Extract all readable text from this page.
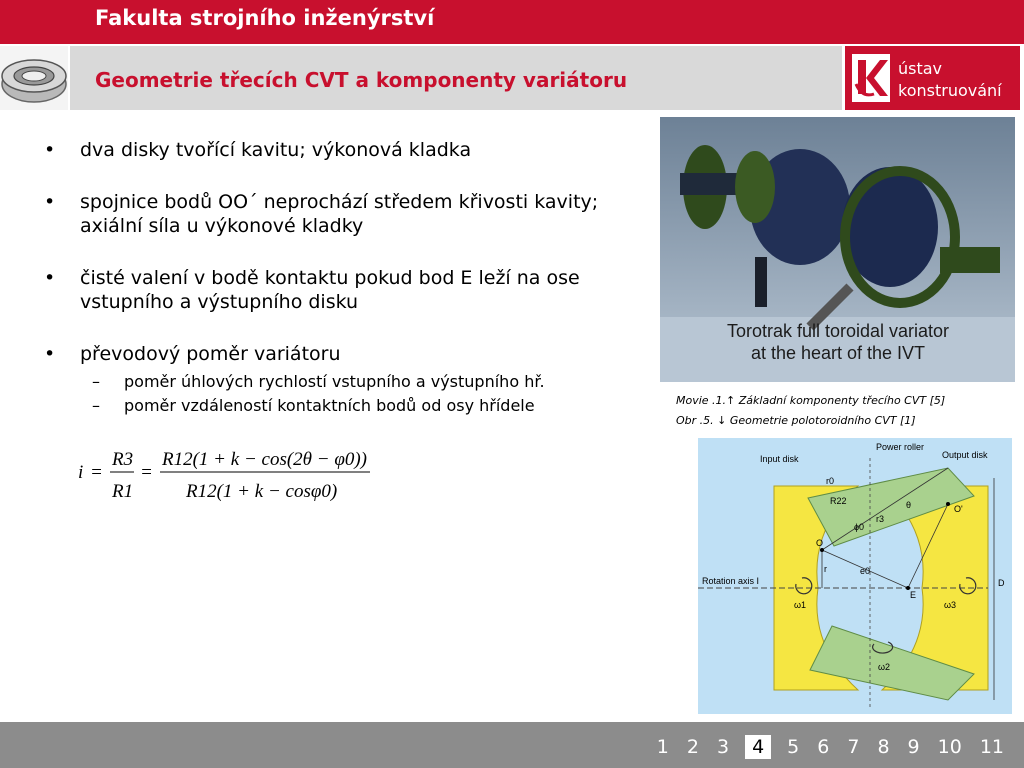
Fakulta strojního inženýrství
Geometrie třecích CVT a komponenty variátoru	ústav
konstruování
• dva disky tvořící kavitu; výkonová kladka
• spojnice bodů OO´ neprochází středem křivosti kavity; axiální síla u výkonové kladky
• čisté valení v bodě kontaktu pokud bod E leží na ose vstupního a výstupního disku
• převodový poměr variátoru
– poměr úhlových rychlostí vstupního a výstupního hř.
– poměr vzdáleností kontaktních bodů od osy hřídele
i =
R3
R1
=
R12(1 + k − cos(2θ − φ0))
R12(1 + k − cosφ0)
Torotrak full toroidal variator
at the heart of the IVT
Movie .1.↑ Základní komponenty třecího CVT [5]
Obr .5. ↓ Geometrie polotoroidního CVT [1]
Input disk
Power roller
Output disk
Rotation axis I
r0
R22
ϕ0
r3
θ
O
O'
r	e0
E
D
ω1
ω2
ω3
1 2 3	4	5 6 7 8 9 10 11
